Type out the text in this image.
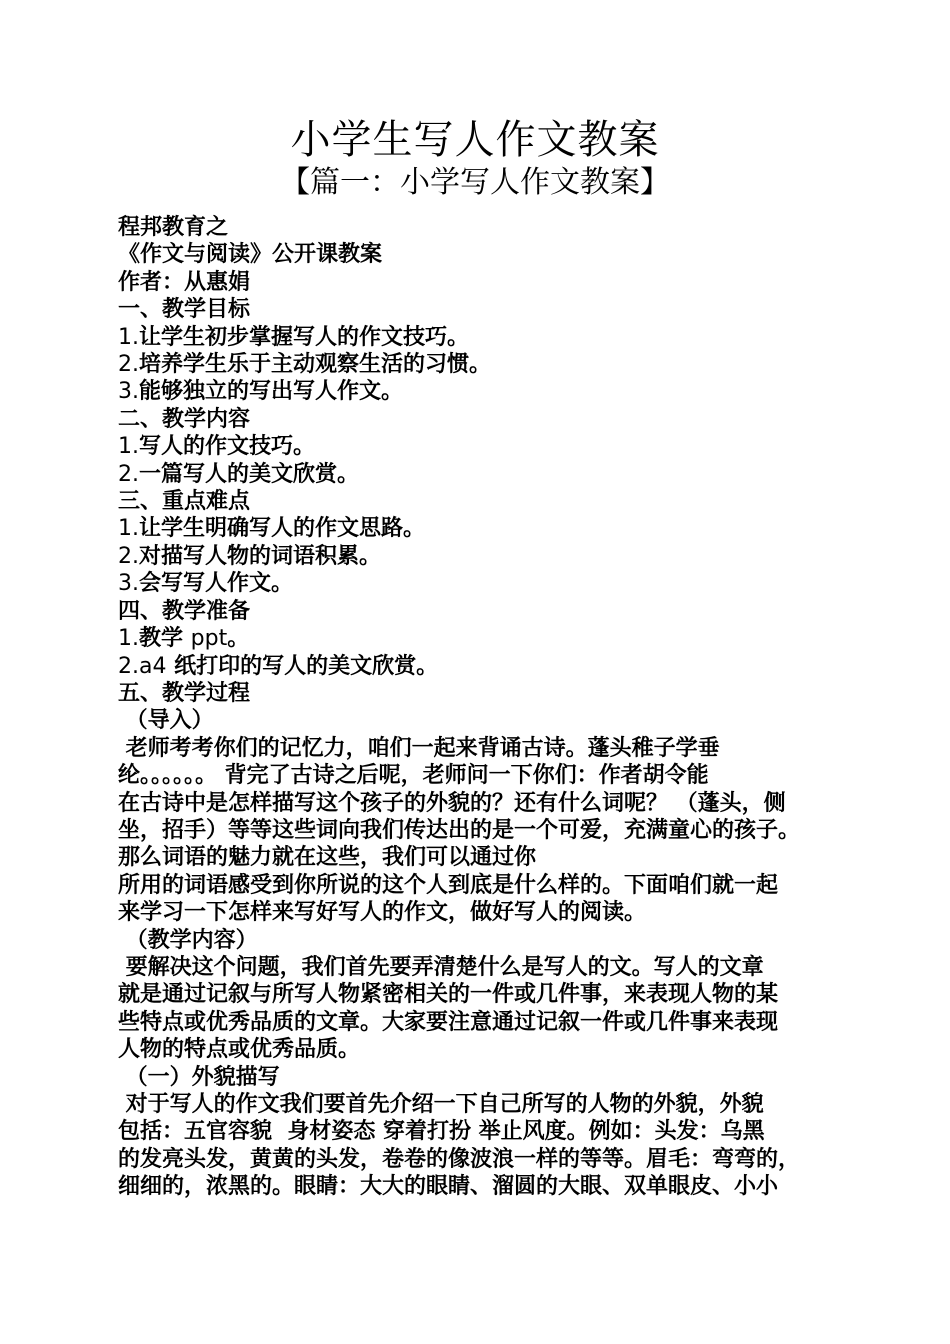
小学生写人作文教案
【篇一：小学写人作文教案】
程邦教育之
《作文与阅读》公开课教案
作者：从惠娟
一、教学目标
1.让学生初步掌握写人的作文技巧。
2.培养学生乐于主动观察生活的习惯。
3.能够独立的写出写人作文。
二、教学内容
1.写人的作文技巧。
2.一篇写人的美文欣赏。
三、重点难点
1.让学生明确写人的作文思路。
2.对描写人物的词语积累。
3.会写写人作文。
四、教学准备
1.教学 ppt。
2.a4 纸打印的写人的美文欣赏。
五、教学过程
（导入）
老师考考你们的记忆力，咱们一起来背诵古诗。蓬头稚子学垂
纶。。。。。。 背完了古诗之后呢，老师问一下你们：作者胡令能
在古诗中是怎样描写这个孩子的外貌的？还有什么词呢？ （蓬头，侧
坐，招手）等等这些词向我们传达出的是一个可爱，充满童心的孩子。
那么词语的魅力就在这些，我们可以通过你
所用的词语感受到你所说的这个人到底是什么样的。下面咱们就一起
来学习一下怎样来写好写人的作文，做好写人的阅读。
（教学内容）
要解决这个问题，我们首先要弄清楚什么是写人的文。写人的文章
就是通过记叙与所写人物紧密相关的一件或几件事，来表现人物的某
些特点或优秀品质的文章。大家要注意通过记叙一件或几件事来表现
人物的特点或优秀品质。
（一）外貌描写
对于写人的作文我们要首先介绍一下自己所写的人物的外貌，外貌
包括：五官容貌  身材姿态 穿着打扮 举止风度。例如：头发：乌黑
的发亮头发，黄黄的头发，卷卷的像波浪一样的等等。眉毛：弯弯的，
细细的，浓黑的。眼睛：大大的眼睛、溜圆的大眼、双单眼皮、小小
